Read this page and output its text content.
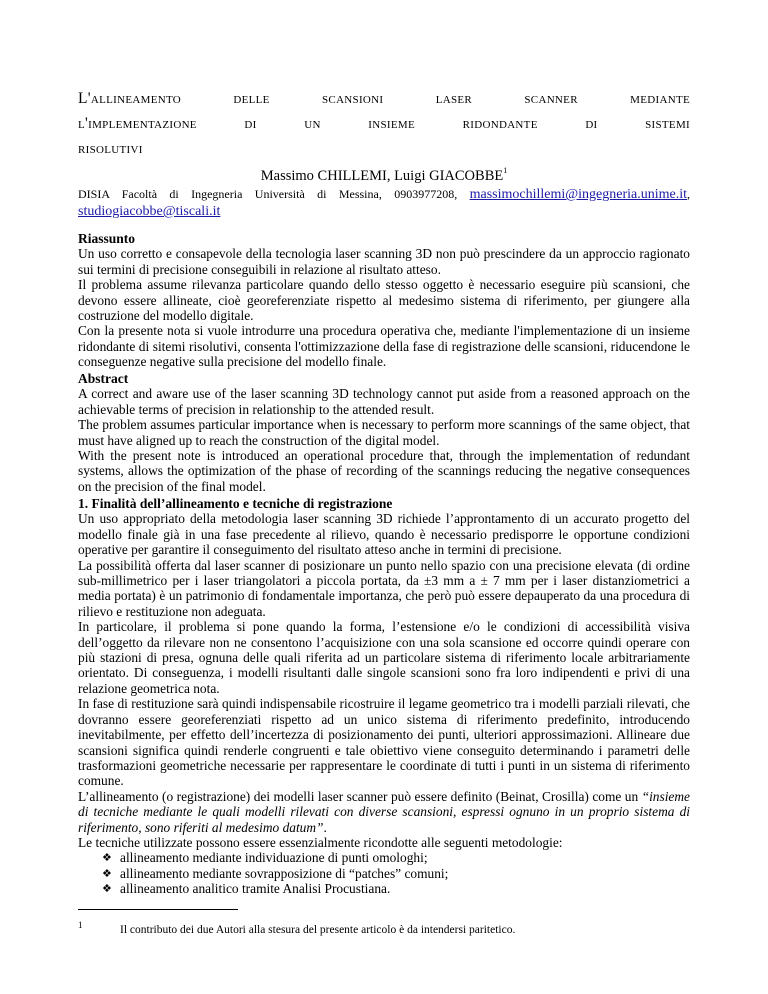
L'allineamento delle scansioni laser scanner mediante
l'implementazione di un insieme ridondante di sistemi
risolutivi
Massimo CHILLEMI, Luigi GIACOBBE$^1$
DISIA Facoltà di Ingegneria Università di Messina, 0903977208, massimochillemi@ingegneria.unime.it, studiogiacobbe@tiscali.it
Riassunto

Un uso corretto e consapevole della tecnologia laser scanning 3D non può prescindere da un approccio ragionato sui termini di precisione conseguibili in relazione al risultato atteso.

Il problema assume rilevanza particolare quando dello stesso oggetto è necessario eseguire più scansioni, che devono essere allineate, cioè georeferenziate rispetto al medesimo sistema di riferimento, per giungere alla costruzione del modello digitale.

Con la presente nota si vuole introdurre una procedura operativa che, mediante l'implementazione di un insieme ridondante di sitemi risolutivi, consenta l'ottimizzazione della fase di registrazione delle scansioni, riducendone le conseguenze negative sulla precisione del modello finale.

Abstract

A correct and aware use of the laser scanning 3D technology cannot put aside from a reasoned approach on the achievable terms of precision in relationship to the attended result.

The problem assumes particular importance when is necessary to perform more scannings of the same object, that must have aligned up to reach the construction of the digital model.

With the present note is introduced an operational procedure that, through the implementation of redundant systems, allows the optimization of the phase of recording of the scannings reducing the negative consequences on the precision of the final model.

1. Finalità dell’allineamento e tecniche di registrazione

Un uso appropriato della metodologia laser scanning 3D richiede l’approntamento di un accurato progetto del modello finale già in una fase precedente al rilievo, quando è necessario predisporre le opportune condizioni operative per garantire il conseguimento del risultato atteso anche in termini di precisione.

La possibilità offerta dal laser scanner di posizionare un punto nello spazio con una precisione elevata (di ordine sub-millimetrico per i laser triangolatori a piccola portata, da ±3 mm a ± 7 mm per i laser distanziometrici a media portata) è un patrimonio di fondamentale importanza, che però può essere depauperato da una procedura di rilievo e restituzione non adeguata.

In particolare, il problema si pone quando la forma, l’estensione e/o le condizioni di accessibilità visiva dell’oggetto da rilevare non ne consentono l’acquisizione con una sola scansione ed occorre quindi operare con più stazioni di presa, ognuna delle quali riferita ad un particolare sistema di riferimento locale arbitrariamente orientato. Di conseguenza, i modelli risultanti dalle singole scansioni sono fra loro indipendenti e privi di una relazione geometrica nota.

In fase di restituzione sarà quindi indispensabile ricostruire il legame geometrico tra i modelli parziali rilevati, che dovranno essere georeferenziati rispetto ad un unico sistema di riferimento predefinito, introducendo inevitabilmente, per effetto dell’incertezza di posizionamento dei punti, ulteriori approssimazioni. Allineare due scansioni significa quindi renderle congruenti e tale obiettivo viene conseguito determinando i parametri delle trasformazioni geometriche necessarie per rappresentare le coordinate di tutti i punti in un sistema di riferimento comune.

L’allineamento (o registrazione) dei modelli laser scanner può essere definito (Beinat, Crosilla) come un “insieme di tecniche mediante le quali modelli rilevati con diverse scansioni, espressi ognuno in un proprio sistema di riferimento, sono riferiti al medesimo datum”.

Le tecniche utilizzate possono essere essenzialmente ricondotte alle seguenti metodologie:

❖ allineamento mediante individuazione di punti omologhi;
❖ allineamento mediante sovrapposizione di “patches” comuni;
❖ allineamento analitico tramite Analisi Procustiana.
1	Il contributo dei due Autori alla stesura del presente articolo è da intendersi paritetico.
